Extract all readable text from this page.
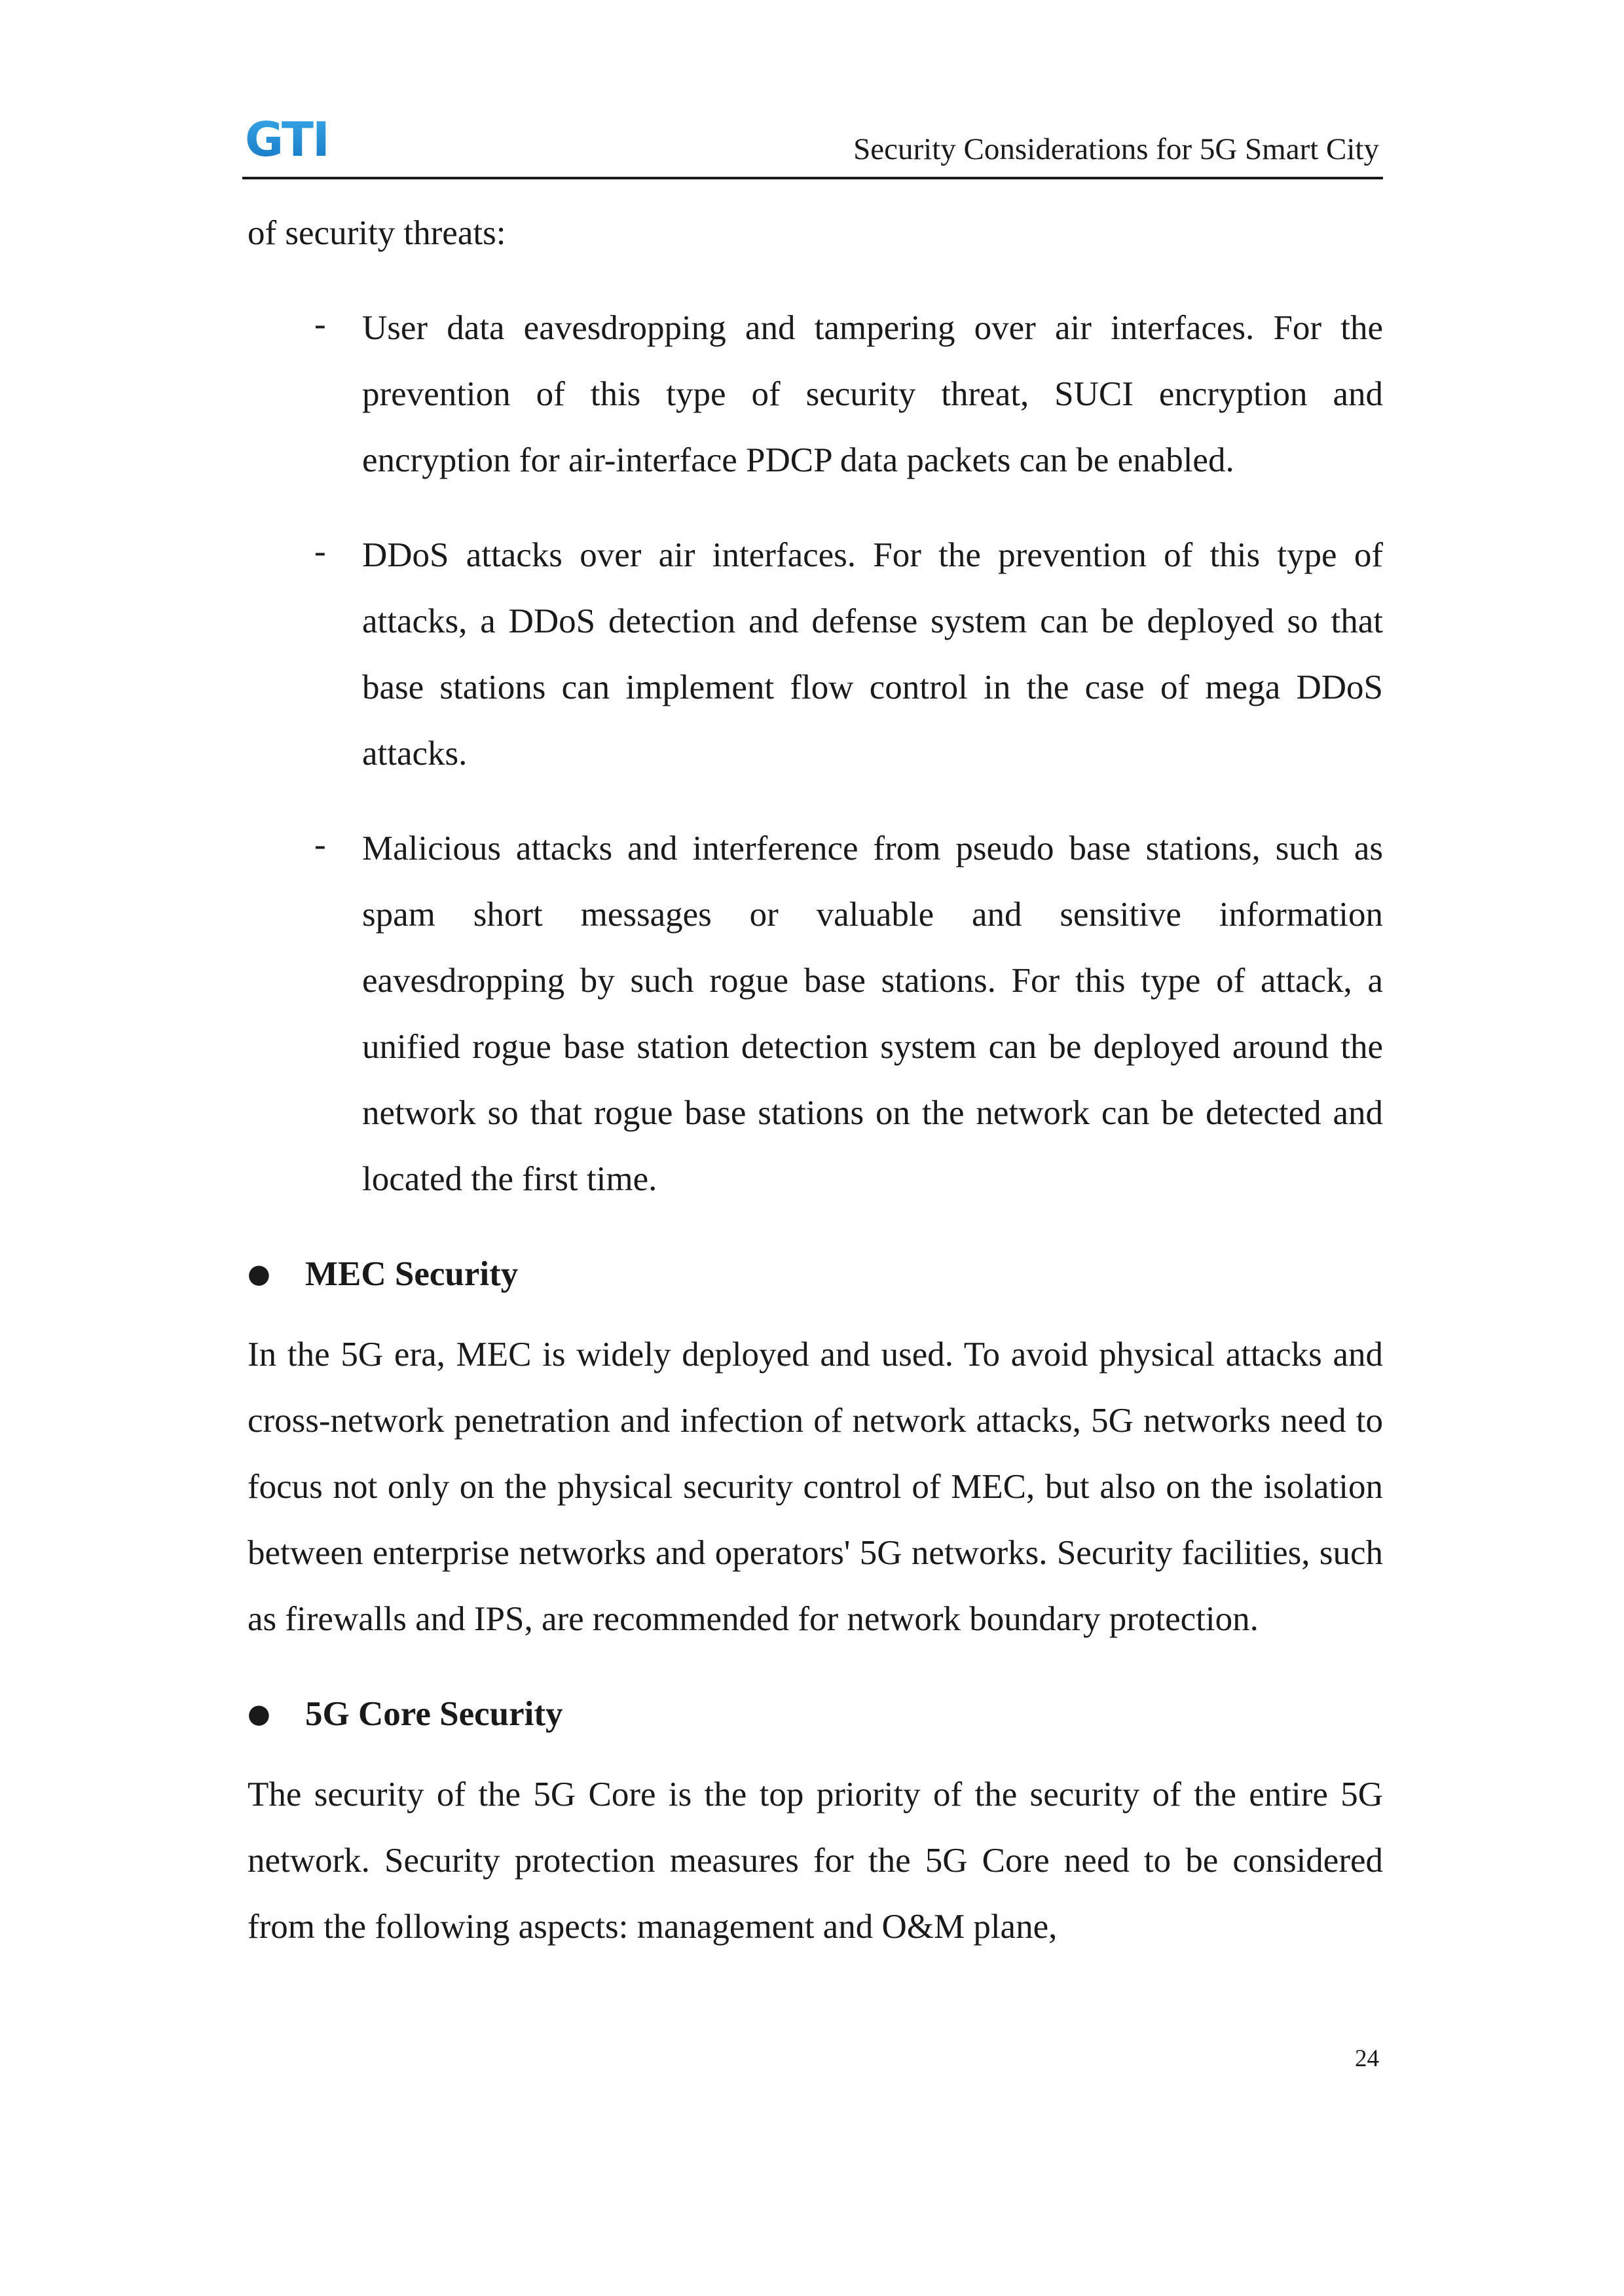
GTI	Security Considerations for 5G Smart City

of security threats:

- User data eavesdropping and tampering over air interfaces. For the prevention of this type of security threat, SUCI encryption and encryption for air-interface PDCP data packets can be enabled.
- DDoS attacks over air interfaces. For the prevention of this type of attacks, a DDoS detection and defense system can be deployed so that base stations can implement flow control in the case of mega DDoS attacks.
- Malicious attacks and interference from pseudo base stations, such as spam short messages or valuable and sensitive information eavesdropping by such rogue base stations. For this type of attack, a unified rogue base station detection system can be deployed around the network so that rogue base stations on the network can be detected and located the first time.
● MEC Security

In the 5G era, MEC is widely deployed and used. To avoid physical attacks and cross-network penetration and infection of network attacks, 5G networks need to focus not only on the physical security control of MEC, but also on the isolation between enterprise networks and operators' 5G networks. Security facilities, such as firewalls and IPS, are recommended for network boundary protection.

● 5G Core Security

The security of the 5G Core is the top priority of the security of the entire 5G network. Security protection measures for the 5G Core need to be considered from the following aspects: management and O&M plane,

24
